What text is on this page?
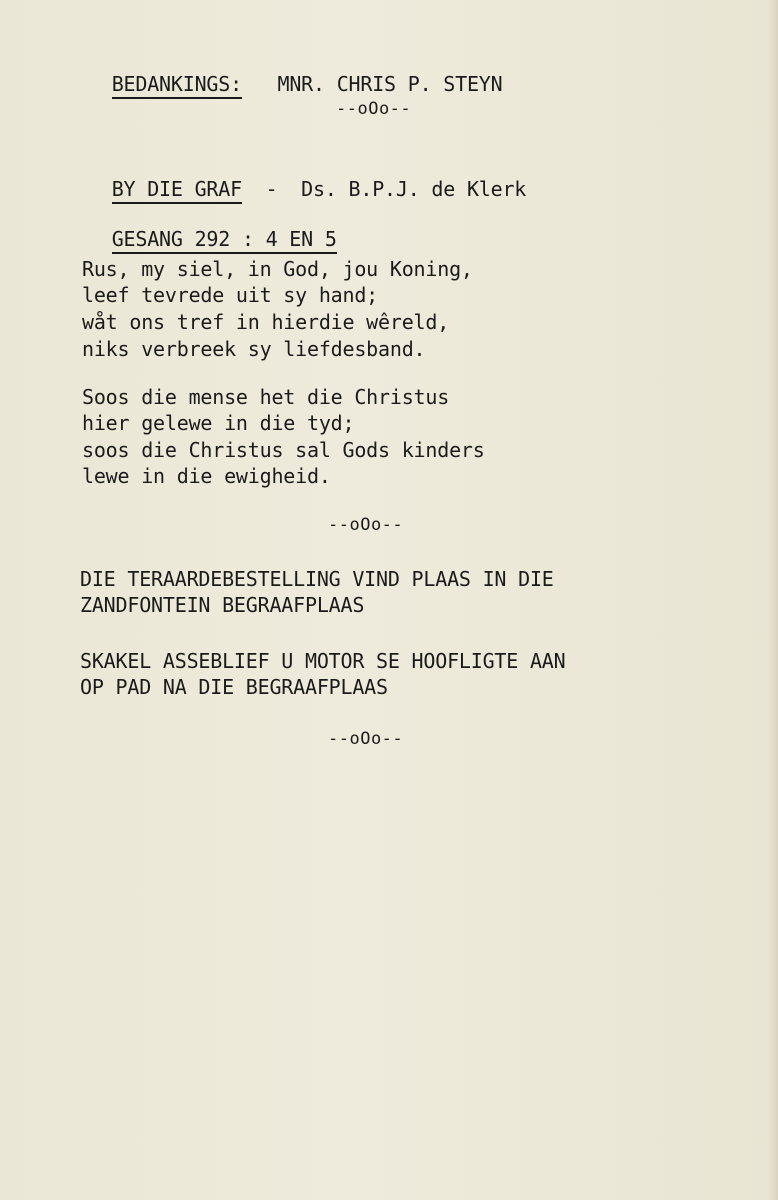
BEDANKINGS: MNR. CHRIS P. STEYN

--oOo--

BY DIE GRAF - Ds. B.P.J. de Klerk

GESANG 292 : 4 EN 5

Rus, my siel, in God, jou Koning,
leef tevrede uit sy hand;
wåt ons tref in hierdie wêreld,
niks verbreek sy liefdesband.
Soos die mense het die Christus
hier gelewe in die tyd;
soos die Christus sal Gods kinders
lewe in die ewigheid.
--oOo--
DIE TERAARDEBESTELLING VIND PLAAS IN DIE
ZANDFONTEIN BEGRAAFPLAAS
SKAKEL ASSEBLIEF U MOTOR SE HOOFLIGTE AAN
OP PAD NA DIE BEGRAAFPLAAS
--oOo--
